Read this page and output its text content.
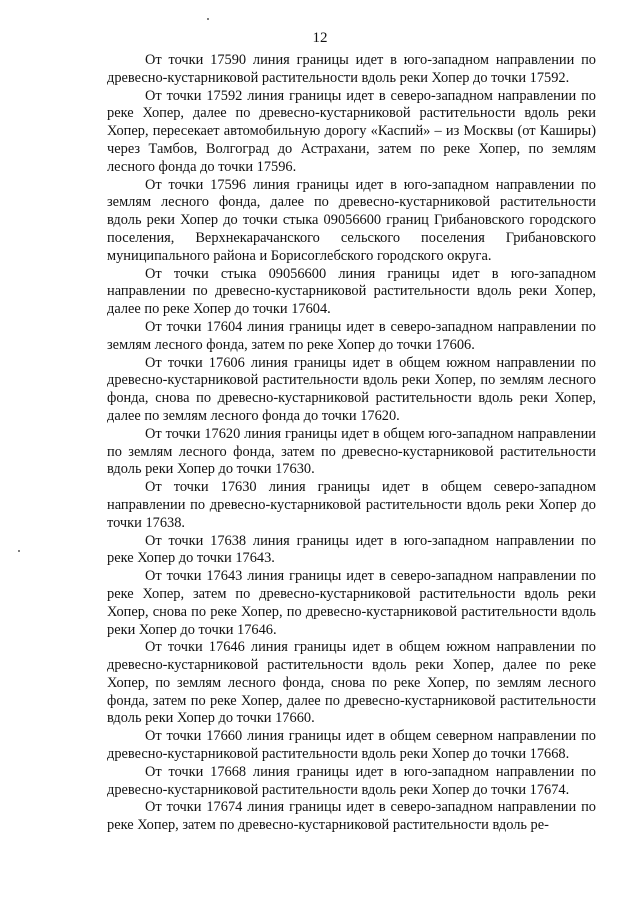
12

От точки 17590 линия границы идет в юго-западном направлении по древесно-кустарниковой растительности вдоль реки Хопер до точки 17592.

От точки 17592 линия границы идет в северо-западном направлении по реке Хопер, далее по древесно-кустарниковой растительности вдоль реки Хопер, пересекает автомобильную дорогу «Каспий» – из Москвы (от Каширы) через Тамбов, Волгоград до Астрахани, затем по реке Хопер, по землям лесного фонда до точки 17596.

От точки 17596 линия границы идет в юго-западном направлении по землям лесного фонда, далее по древесно-кустарниковой растительности вдоль реки Хопер до точки стыка 09056600 границ Грибановского городского поселения, Верхнекарачанского сельского поселения Грибановского муниципального района и Борисоглебского городского округа.

От точки стыка 09056600 линия границы идет в юго-западном направлении по древесно-кустарниковой растительности вдоль реки Хопер, далее по реке Хопер до точки 17604.

От точки 17604 линия границы идет в северо-западном направлении по землям лесного фонда, затем по реке Хопер до точки 17606.

От точки 17606 линия границы идет в общем южном направлении по древесно-кустарниковой растительности вдоль реки Хопер, по землям лесного фонда, снова по древесно-кустарниковой растительности вдоль реки Хопер, далее по землям лесного фонда до точки 17620.

От точки 17620 линия границы идет в общем юго-западном направлении по землям лесного фонда, затем по древесно-кустарниковой растительности вдоль реки Хопер до точки 17630.

От точки 17630 линия границы идет в общем северо-западном направлении по древесно-кустарниковой растительности вдоль реки Хопер до точки 17638.

От точки 17638 линия границы идет в юго-западном направлении по реке Хопер до точки 17643.

От точки 17643 линия границы идет в северо-западном направлении по реке Хопер, затем по древесно-кустарниковой растительности вдоль реки Хопер, снова по реке Хопер, по древесно-кустарниковой растительности вдоль реки Хопер до точки 17646.

От точки 17646 линия границы идет в общем южном направлении по древесно-кустарниковой растительности вдоль реки Хопер, далее по реке Хопер, по землям лесного фонда, снова по реке Хопер, по землям лесного фонда, затем по реке Хопер, далее по древесно-кустарниковой растительности вдоль реки Хопер до точки 17660.

От точки 17660 линия границы идет в общем северном направлении по древесно-кустарниковой растительности вдоль реки Хопер до точки 17668.

От точки 17668 линия границы идет в юго-западном направлении по древесно-кустарниковой растительности вдоль реки Хопер до точки 17674.

От точки 17674 линия границы идет в северо-западном направлении по реке Хопер, затем по древесно-кустарниковой растительности вдоль ре-
